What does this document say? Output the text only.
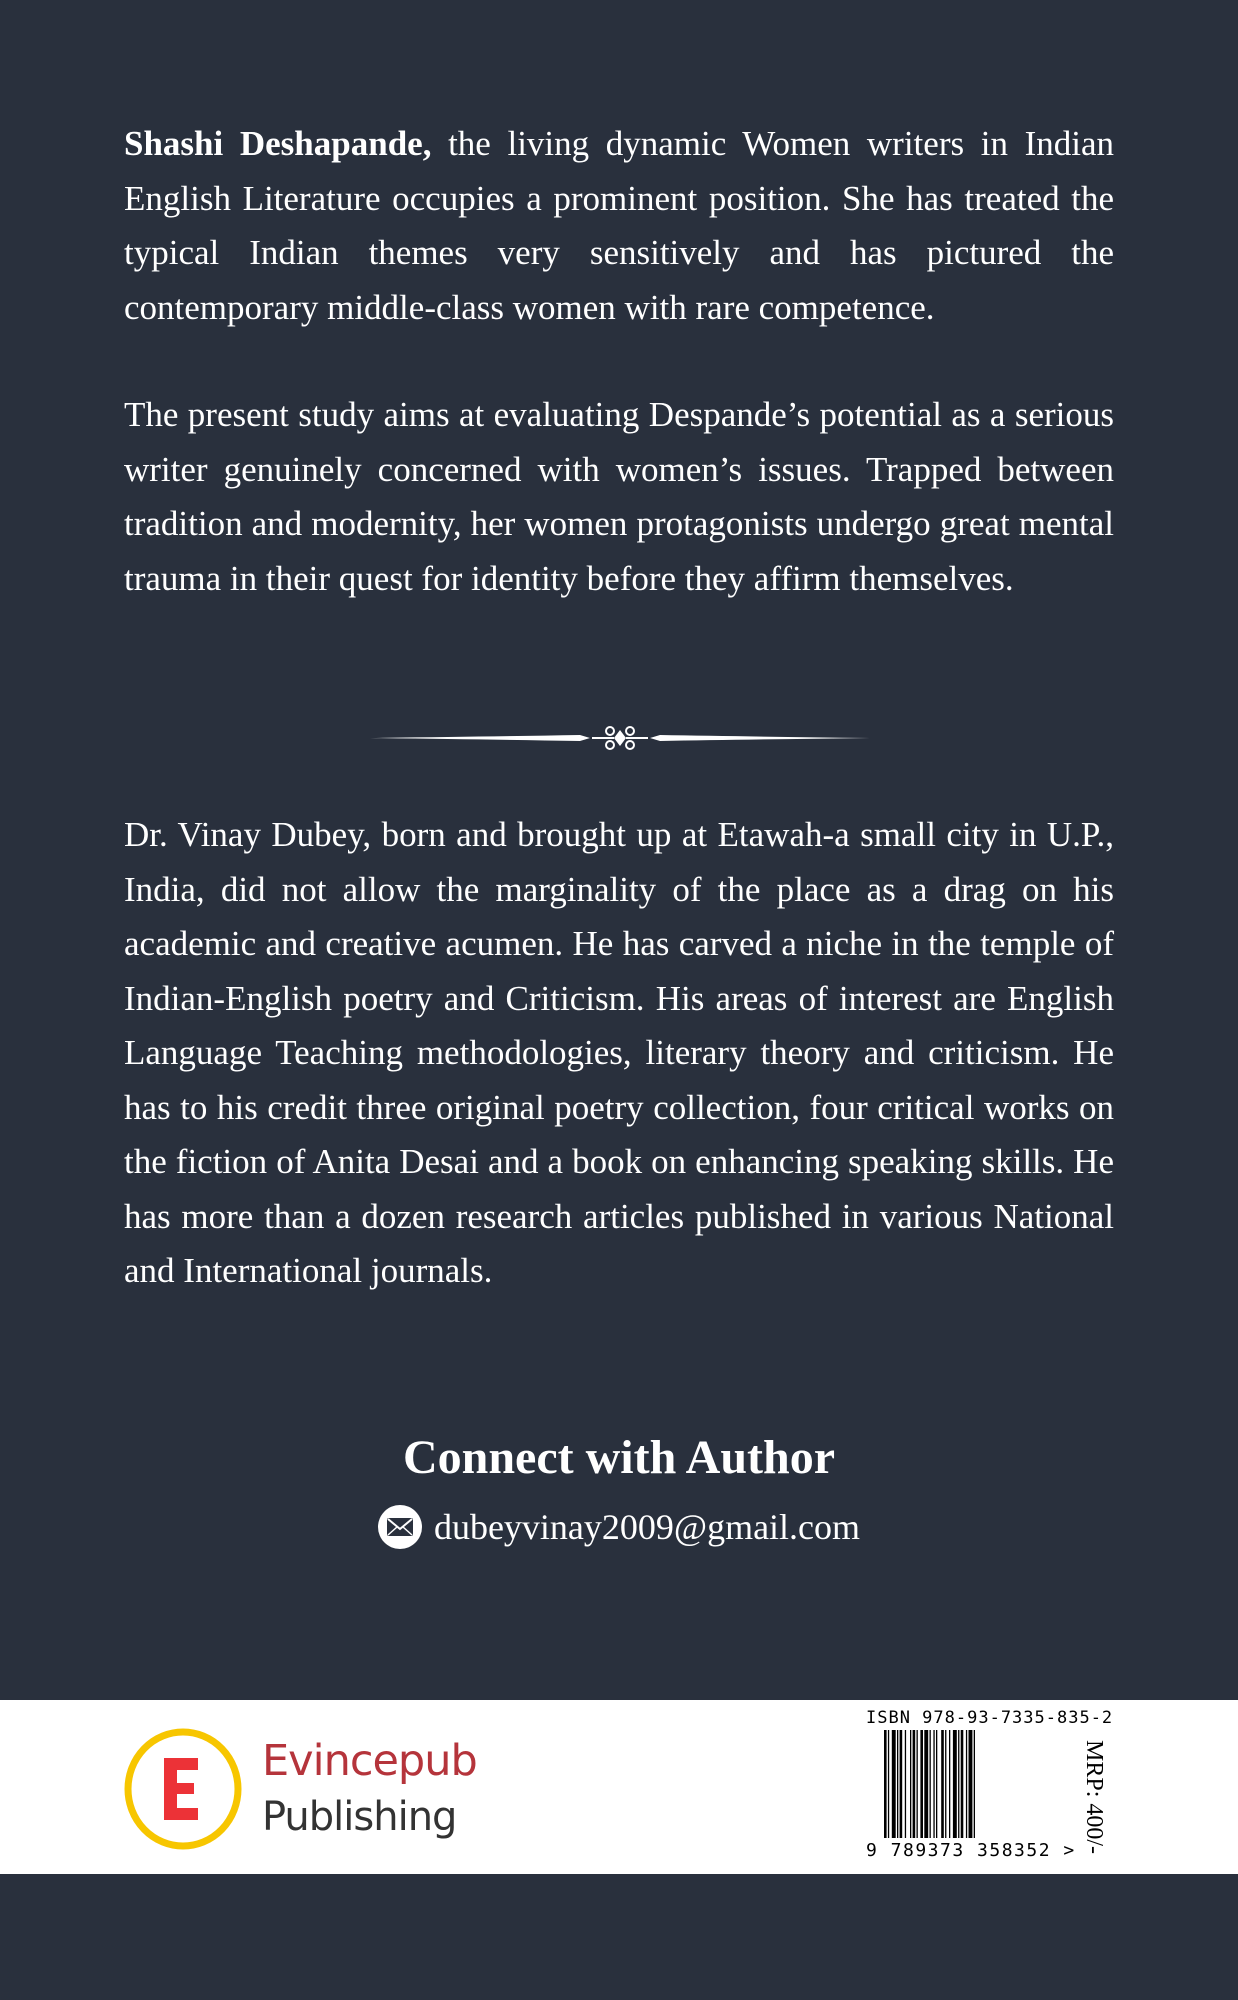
Shashi Deshapande, the living dynamic Women writers in Indian English Literature occupies a prominent position. She has treated the typical Indian themes very sensitively and has pictured the contemporary middle-class women with rare competence.
The present study aims at evaluating Despande’s potential as a serious writer genuinely concerned with women’s issues. Trapped between tradition and modernity, her women protagonists undergo great mental trauma in their quest for identity before they affirm themselves.
Dr. Vinay Dubey, born and brought up at Etawah-a small city in U.P., India, did not allow the marginality of the place as a drag on his academic and creative acumen. He has carved a niche in the temple of Indian-English poetry and Criticism. His areas of interest are English Language Teaching methodologies, literary theory and criticism. He has to his credit three original poetry collection, four critical works on the fiction of Anita Desai and a book on enhancing speaking skills. He has more than a dozen research articles published in various National and International journals.
Connect with Author
dubeyvinay2009@gmail.com
Evincepub
Publishing
ISBN 978-93-7335-835-2
9 789373 358352 > MRP: 400/-
